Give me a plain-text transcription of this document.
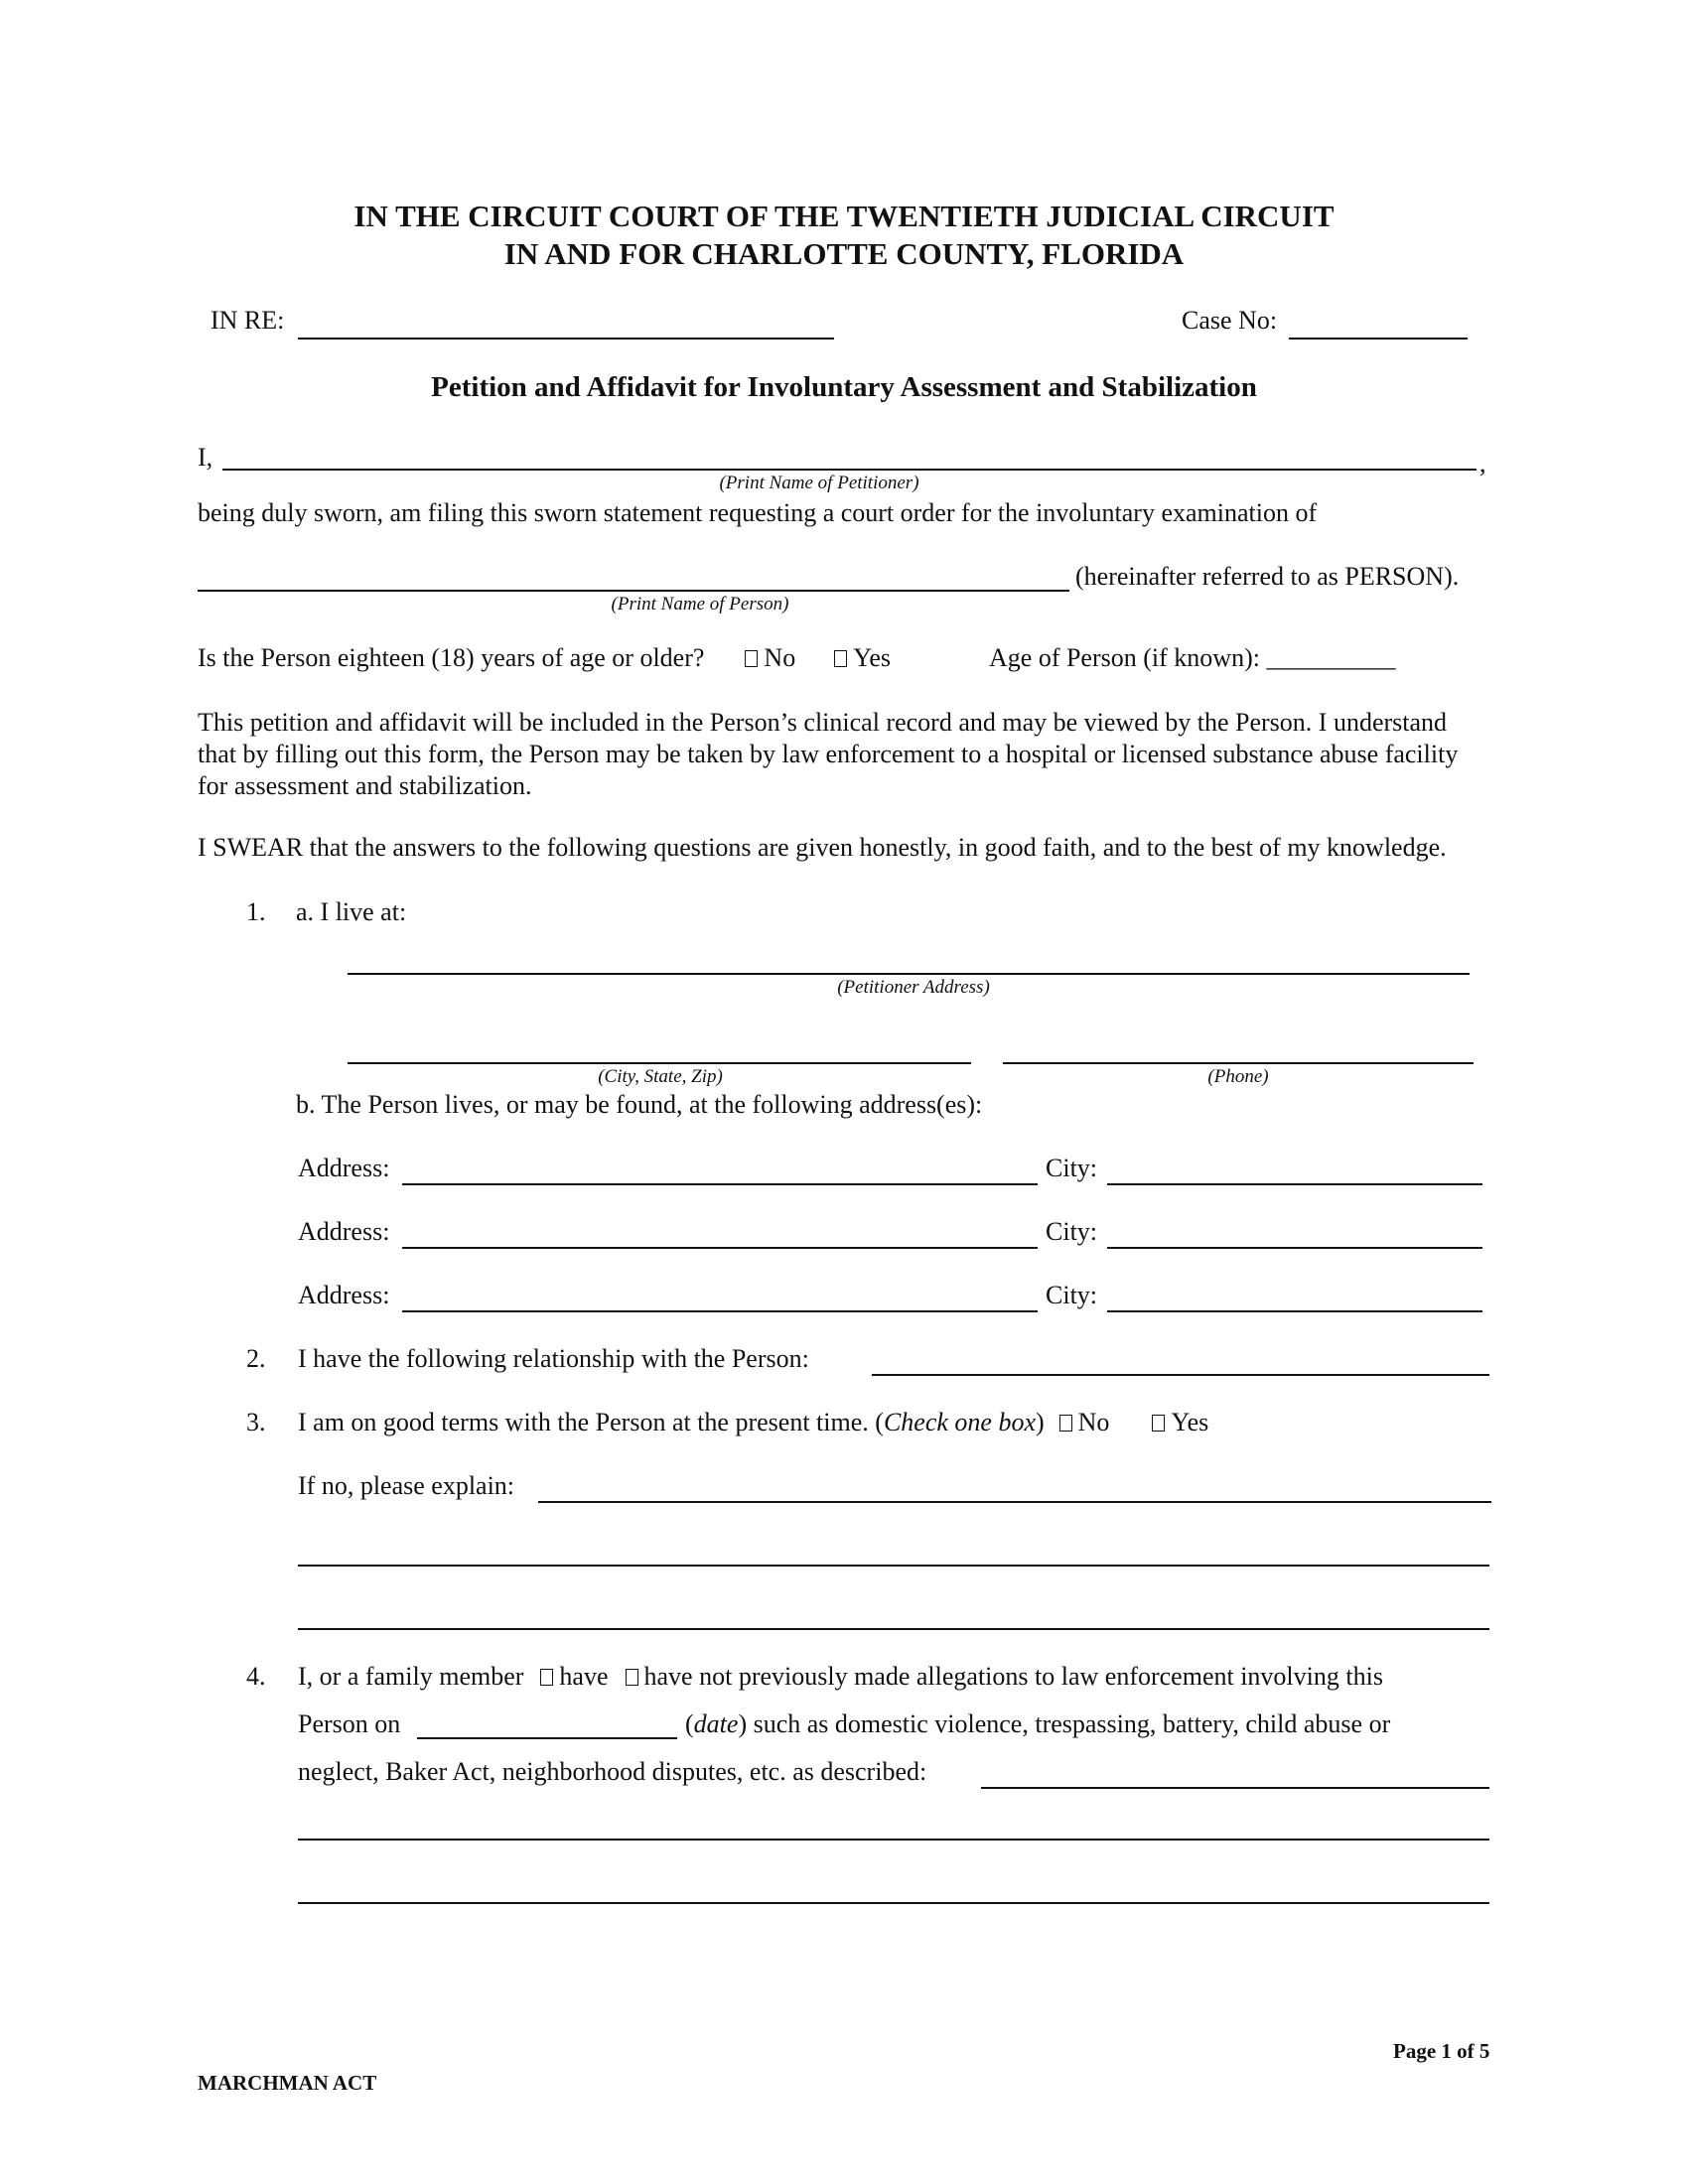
IN THE CIRCUIT COURT OF THE TWENTIETH JUDICIAL CIRCUIT
IN AND FOR CHARLOTTE COUNTY, FLORIDA
IN RE:	Case No:
Petition and Affidavit for Involuntary Assessment and Stabilization
I,	,
(Print Name of Petitioner)
being duly sworn, am filing this sworn statement requesting a court order for the involuntary examination of
(hereinafter referred to as PERSON).
(Print Name of Person)
Is the Person eighteen (18) years of age or older? No Yes	Age of Person (if known): __________
This petition and affidavit will be included in the Person’s clinical record and may be viewed by the Person. I understand that by filling out this form, the Person may be taken by law enforcement to a hospital or licensed substance abuse facility for assessment and stabilization.
I SWEAR that the answers to the following questions are given honestly, in good faith, and to the best of my knowledge.
1. a. I live at:
(Petitioner Address)
(City, State, Zip)	(Phone)
b. The Person lives, or may be found, at the following address(es):
Address:	City:
Address:	City:
Address:	City:
2. I have the following relationship with the Person:
3. I am on good terms with the Person at the present time. (Check one box) No Yes
If no, please explain:
4. I, or a family member have have not previously made allegations to law enforcement involving this
Person on	(date) such as domestic violence, trespassing, battery, child abuse or
neglect, Baker Act, neighborhood disputes, etc. as described:
Page 1 of 5
MARCHMAN ACT
